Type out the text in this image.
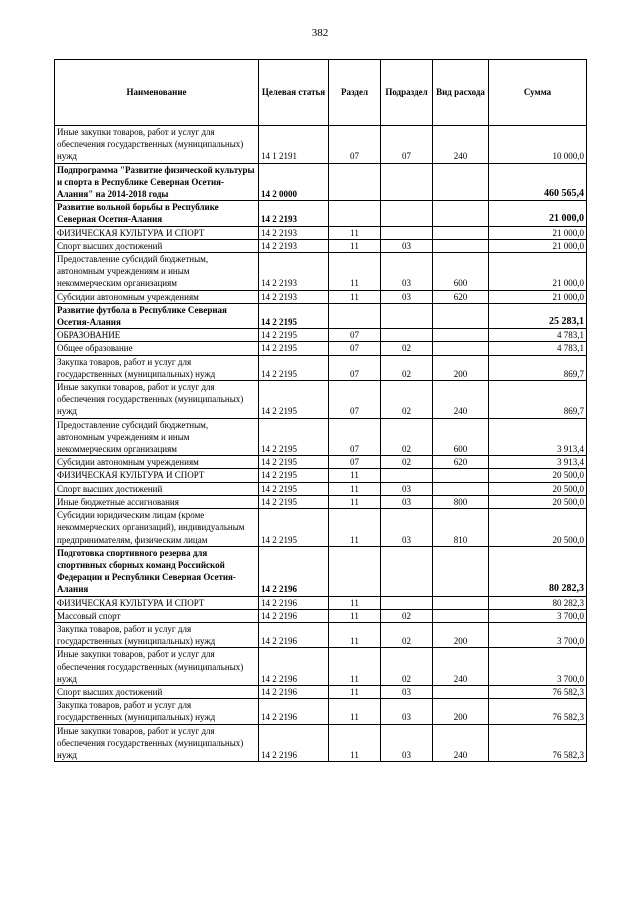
382
Наименование	Целевая статья	Раздел	Подраздел	Вид расхода	Сумма
Иные закупки товаров, работ и услуг для обеспечения государственных (муниципальных) нужд	14 1 2191	07	07	240	10 000,0
Подпрограмма "Развитие физической культуры и спорта в Республике Северная Осетия-Алания" на 2014-2018 годы	14 2 0000				460 565,4
Развитие вольной борьбы в Республике Северная Осетия-Алания	14 2 2193				21 000,0
ФИЗИЧЕСКАЯ КУЛЬТУРА И СПОРТ	14 2 2193	11			21 000,0
Спорт высших достижений	14 2 2193	11	03		21 000,0
Предоставление субсидий бюджетным, автономным учреждениям и иным некоммерческим организациям	14 2 2193	11	03	600	21 000,0
Субсидии автономным учреждениям	14 2 2193	11	03	620	21 000,0
Развитие футбола в Республике Северная Осетия-Алания	14 2 2195				25 283,1
ОБРАЗОВАНИЕ	14 2 2195	07			4 783,1
Общее образование	14 2 2195	07	02		4 783,1
Закупка товаров, работ и услуг для государственных (муниципальных) нужд	14 2 2195	07	02	200	869,7
Иные закупки товаров, работ и услуг для обеспечения государственных (муниципальных) нужд	14 2 2195	07	02	240	869,7
Предоставление субсидий бюджетным, автономным учреждениям и иным некоммерческим организациям	14 2 2195	07	02	600	3 913,4
Субсидии автономным учреждениям	14 2 2195	07	02	620	3 913,4
ФИЗИЧЕСКАЯ КУЛЬТУРА И СПОРТ	14 2 2195	11			20 500,0
Спорт высших достижений	14 2 2195	11	03		20 500,0
Иные бюджетные ассигнования	14 2 2195	11	03	800	20 500,0
Субсидии юридическим лицам (кроме некоммерческих организаций), индивидуальным предпринимателям, физическим лицам	14 2 2195	11	03	810	20 500,0
Подготовка спортивного резерва для спортивных сборных команд Российской Федерации и Республики Северная Осетия-Алания	14 2 2196				80 282,3
ФИЗИЧЕСКАЯ КУЛЬТУРА И СПОРТ	14 2 2196	11			80 282,3
Массовый спорт	14 2 2196	11	02		3 700,0
Закупка товаров, работ и услуг для государственных (муниципальных) нужд	14 2 2196	11	02	200	3 700,0
Иные закупки товаров, работ и услуг для обеспечения государственных (муниципальных) нужд	14 2 2196	11	02	240	3 700,0
Спорт высших достижений	14 2 2196	11	03		76 582,3
Закупка товаров, работ и услуг для государственных (муниципальных) нужд	14 2 2196	11	03	200	76 582,3
Иные закупки товаров, работ и услуг для обеспечения государственных (муниципальных) нужд	14 2 2196	11	03	240	76 582,3
